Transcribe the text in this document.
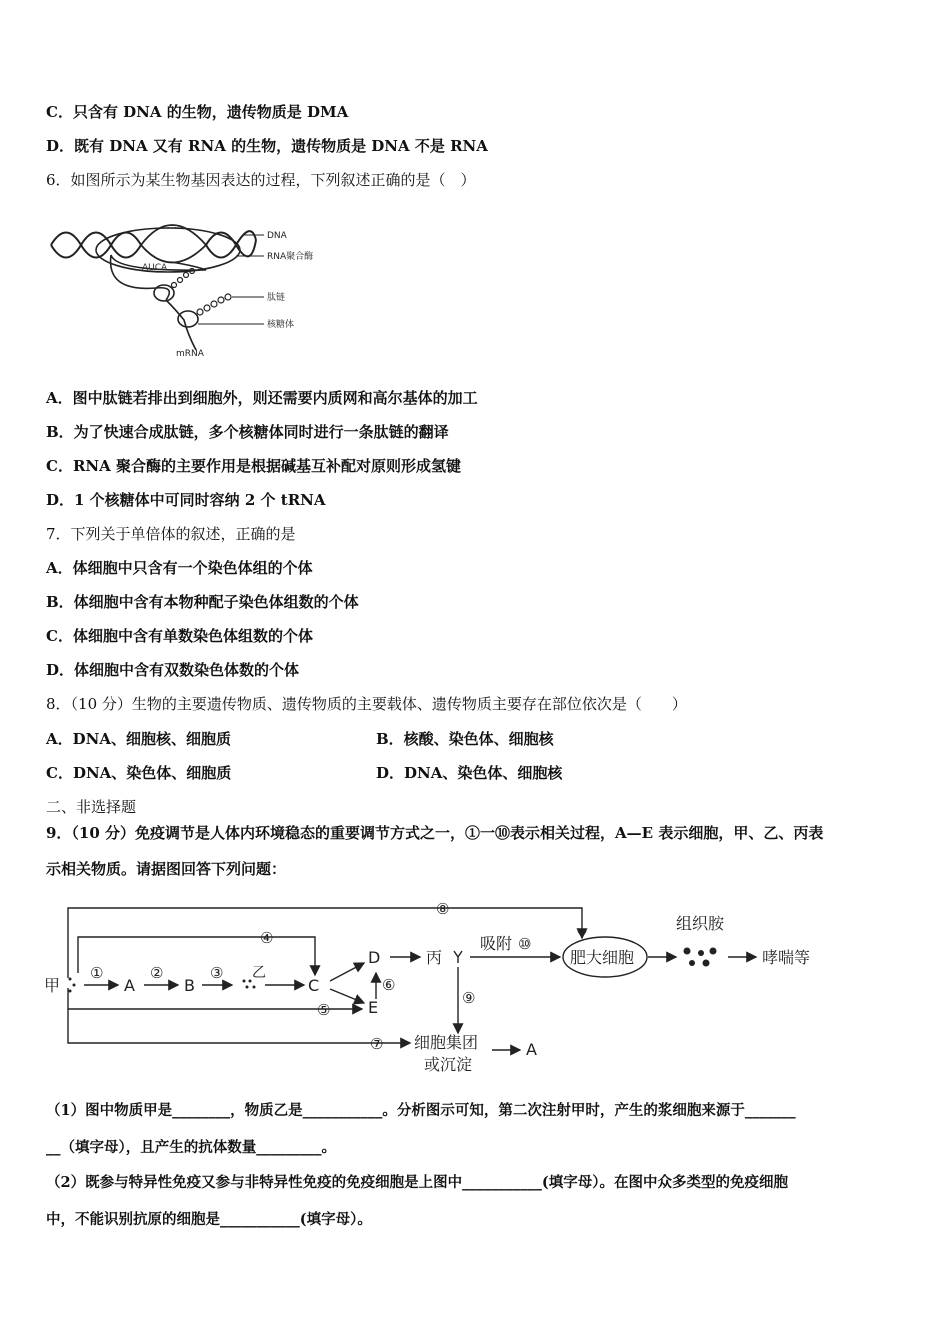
C．只含有 DNA 的生物，遗传物质是 DMA
D．既有 DNA 又有 RNA 的生物，遗传物质是 DNA 不是 RNA
6．如图所示为某生物基因表达的过程，下列叙述正确的是（　）
~~~
AUCA
DNA
RNA聚合酶
肽链
核糖体
mRNA
A．图中肽链若排出到细胞外，则还需要内质网和高尔基体的加工
B．为了快速合成肽链，多个核糖体同时进行一条肽链的翻译
C．RNA 聚合酶的主要作用是根据碱基互补配对原则形成氢键
D．1 个核糖体中可同时容纳 2 个 tRNA
7．下列关于单倍体的叙述，正确的是
A．体细胞中只含有一个染色体组的个体
B．体细胞中含有本物种配子染色体组数的个体
C．体细胞中含有单数染色体组数的个体
D．体细胞中含有双数染色体数的个体
8．（10 分）生物的主要遗传物质、遗传物质的主要载体、遗传物质主要存在部位依次是（　　）
A．DNA、细胞核、细胞质	B．核酸、染色体、细胞核
C．DNA、染色体、细胞质	D．DNA、染色体、细胞核
二、非选择题
9．（10 分）免疫调节是人体内环境稳态的重要调节方式之一，①一⑩表示相关过程，A—E 表示细胞，甲、乙、丙表
示相关物质。请据图回答下列问题：
甲	A	B
乙
C
D
E
丙
A
吸附
肥大细胞
组织胺
哮喘等
细胞集团
或沉淀
①	②	③
④
⑤
⑥
⑦
⑧
⑨
⑩
（1）图中物质甲是________，物质乙是___________。分析图示可知，第二次注射甲时，产生的浆细胞来源于_______
__（填字母），且产生的抗体数量_________。
（2）既参与特异性免疫又参与非特异性免疫的免疫细胞是上图中___________(填字母）。在图中众多类型的免疫细胞
中，不能识别抗原的细胞是___________(填字母）。
